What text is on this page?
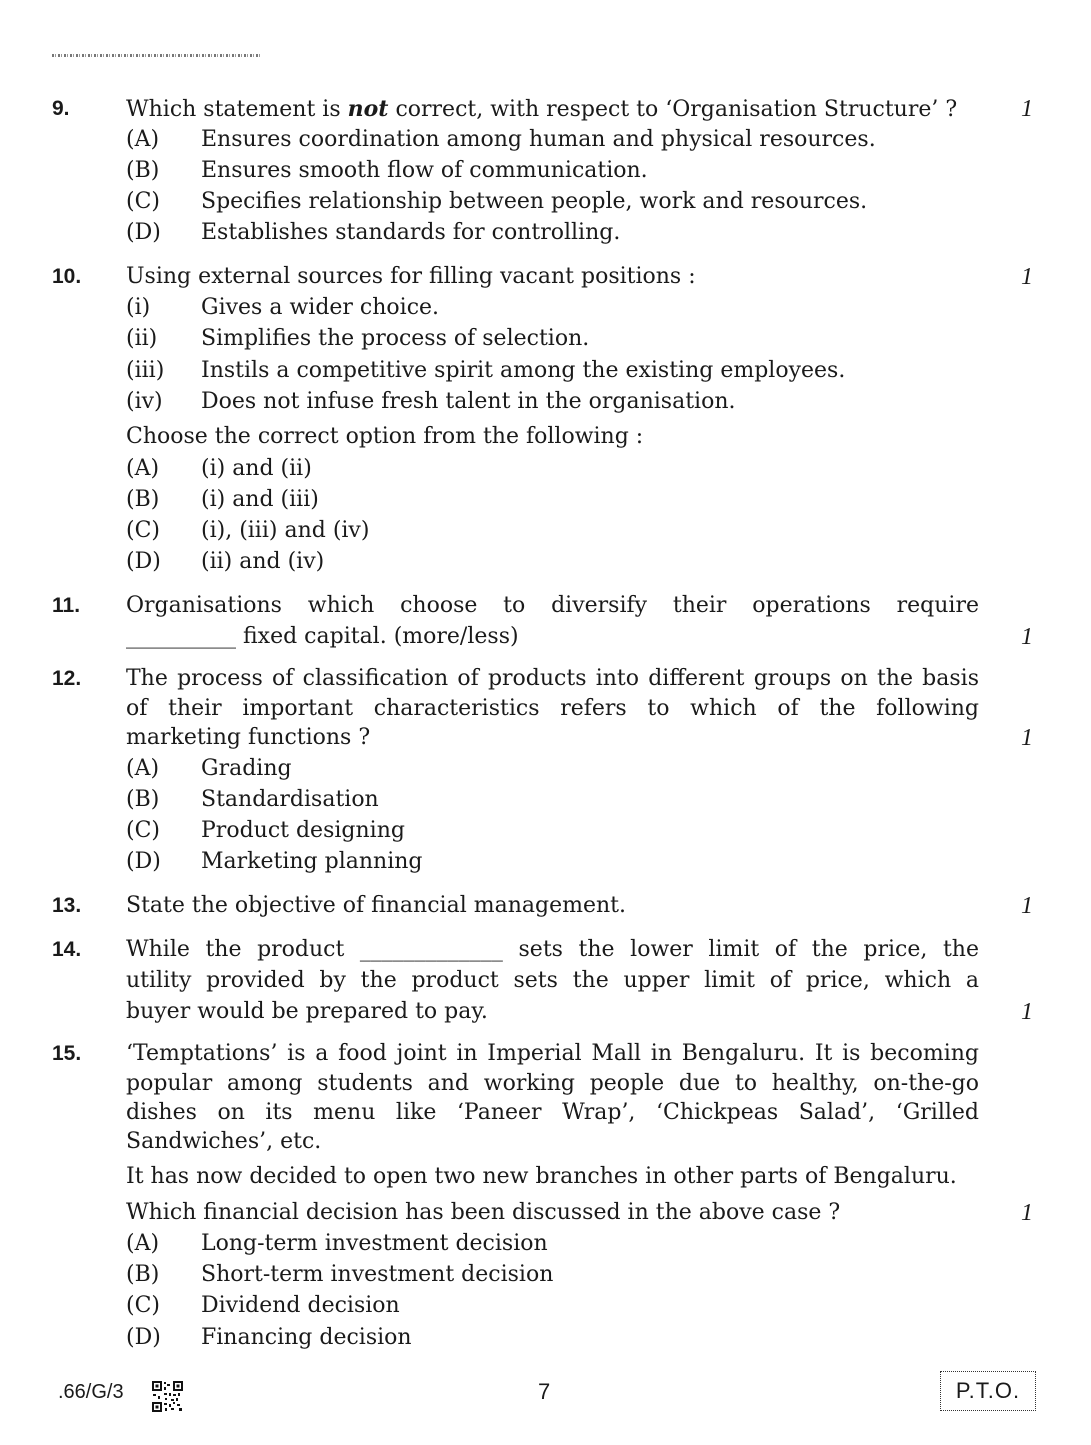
9.	Which statement is not correct, with respect to ‘Organisation Structure’ ?	1
(A) Ensures coordination among human and physical resources.
(B) Ensures smooth flow of communication.
(C) Specifies relationship between people, work and resources.
(D) Establishes standards for controlling.
10. Using external sources for filling vacant positions :	1
(i) Gives a wider choice.
(ii) Simplifies the process of selection.
(iii) Instils a competitive spirit among the existing employees.
(iv) Does not infuse fresh talent in the organisation.
Choose the correct option from the following :
(A) (i) and (ii)
(B) (i) and (iii)
(C) (i), (iii) and (iv)
(D) (ii) and (iv)
11. Organisations which choose to diversify their operations require
__________ fixed capital. (more/less)	1
12. The process of classification of products into different groups on the basis
of their important characteristics refers to which of the following
marketing functions ?	1
(A) Grading
(B) Standardisation
(C) Product designing
(D) Marketing planning
13. State the objective of financial management.	1
14. While the product _____________ sets the lower limit of the price, the
utility provided by the product sets the upper limit of price, which a
buyer would be prepared to pay.	1
15. ‘Temptations’ is a food joint in Imperial Mall in Bengaluru. It is becoming
popular among students and working people due to healthy, on-the-go
dishes on its menu like ‘Paneer Wrap’, ‘Chickpeas Salad’, ‘Grilled
Sandwiches’, etc.
It has now decided to open two new branches in other parts of Bengaluru.
Which financial decision has been discussed in the above case ?	1
(A) Long-term investment decision
(B) Short-term investment decision
(C) Dividend decision
(D) Financing decision
.66/G/3	7	P.T.O.
